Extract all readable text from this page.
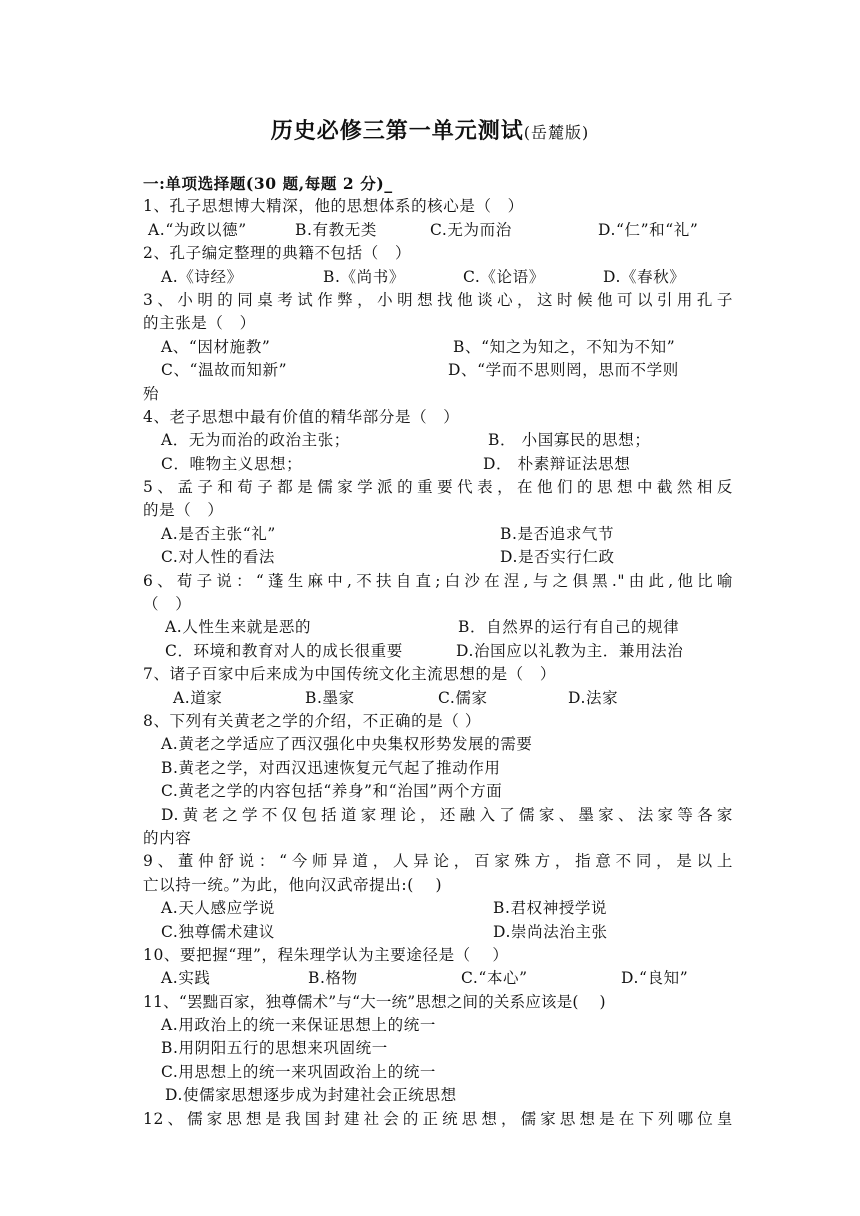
历史必修三第一单元测试(岳麓版)
一:单项选择题(30 题,每题 2 分)_
1、孔子思想博大精深，他的思想体系的核心是（　）
A.“为政以德”	B.有教无类	C.无为而治	D.“仁”和“礼”
2、孔子编定整理的典籍不包括（　）
A.《诗经》	B.《尚书》	C.《论语》	D.《春秋》
3、小明的同桌考试作弊，小明想找他谈心，这时候他可以引用孔子
的主张是（　）
A、“因材施教”	B、“知之为知之，不知为不知”
C、“温故而知新”	D、“学而不思则罔，思而不学则
殆
4、老子思想中最有价值的精华部分是（　）
A．无为而治的政治主张；	B． 小国寡民的思想；
C．唯物主义思想；	D． 朴素辩证法思想
5、孟子和荀子都是儒家学派的重要代表，在他们的思想中截然相反
的是（　）
A.是否主张“礼”	B.是否追求气节
C.对人性的看法	D.是否实行仁政
6、荀子说：“蓬生麻中,不扶自直;白沙在涅,与之俱黑."由此,他比喻
（　）
A.人性生来就是恶的	B．自然界的运行有自己的规律
C．环境和教育对人的成长很重要	D.治国应以礼教为主．兼用法治
7、诸子百家中后来成为中国传统文化主流思想的是（　）
A.道家	B.墨家	C.儒家	D.法家
8、下列有关黄老之学的介绍，不正确的是（ ）
A.黄老之学适应了西汉强化中央集权形势发展的需要
B.黄老之学，对西汉迅速恢复元气起了推动作用
C.黄老之学的内容包括“养身”和“治国”两个方面
D.黄老之学不仅包括道家理论，还融入了儒家、墨家、法家等各家
的内容
9、董仲舒说：“今师异道，人异论，百家殊方，指意不同，是以上
亡以持一统。”为此，他向汉武帝提出:(　 )
A.天人感应学说	B.君权神授学说
C.独尊儒术建议	D.崇尚法治主张
10、要把握“理”，程朱理学认为主要途径是（　 ）
A.实践	B.格物	C.“本心”	D.“良知”
11、“罢黜百家，独尊儒术”与“大一统”思想之间的关系应该是(　 )
A.用政治上的统一来保证思想上的统一
B.用阴阳五行的思想来巩固统一
C.用思想上的统一来巩固政治上的统一
D.使儒家思想逐步成为封建社会正统思想
12、儒家思想是我国封建社会的正统思想，儒家思想是在下列哪位皇
